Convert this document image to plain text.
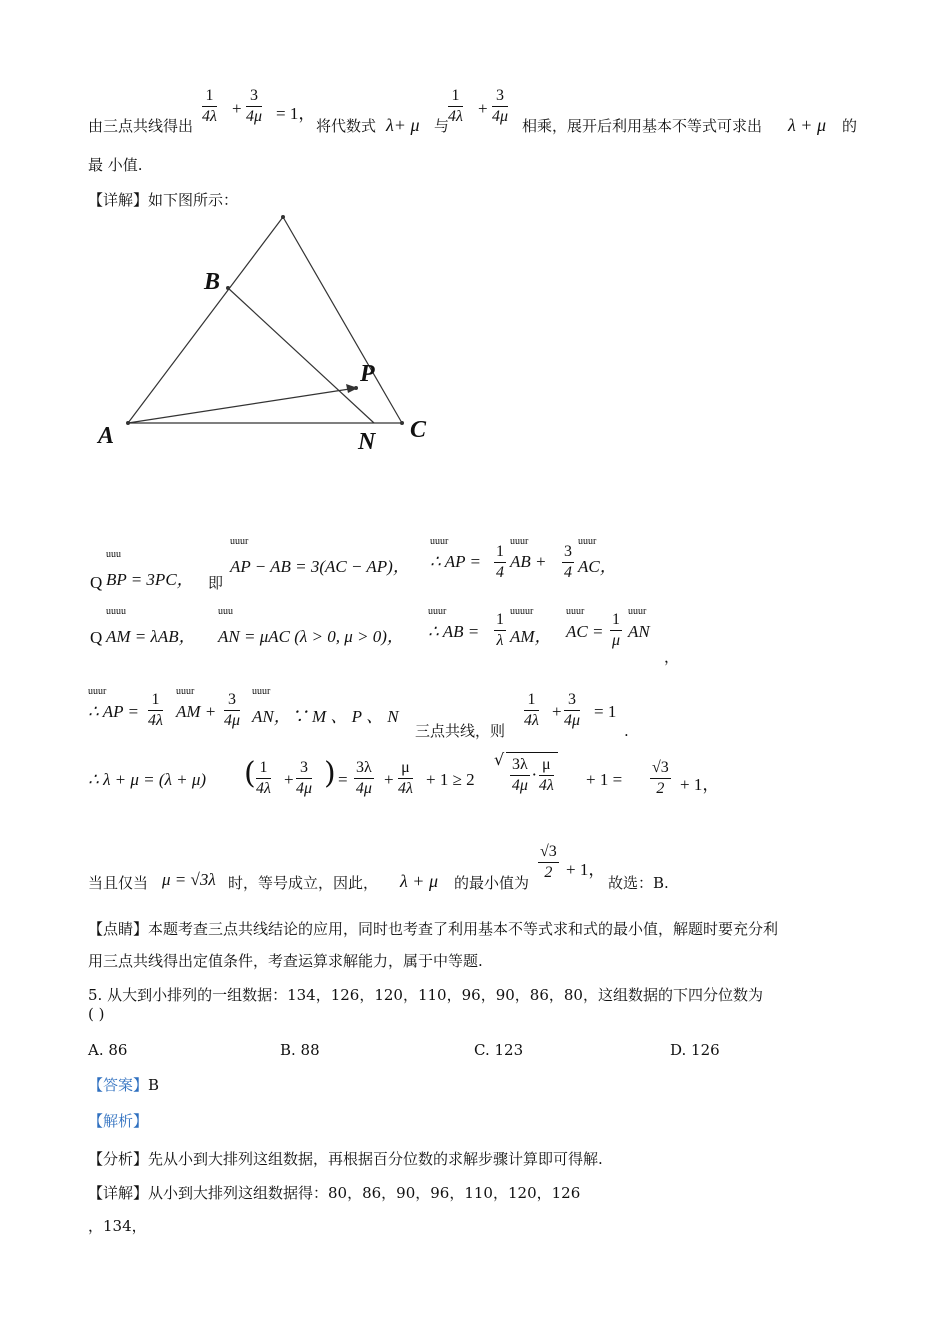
由三点共线得出 $\frac{1}{4\lambda} + \frac{3}{4\mu} = 1$，
将代数式 λ+ μ 与
$\frac{1}{4\lambda} + \frac{3}{4\mu}$ 相乘，展开后利用基本不等式可求出 λ + μ 的
最 小值.
【详解】如下图所示：
B
P
A	N C
Q uuu BP = 3PC， 即
uuur AP − AB = 3(AC − AP)， uuur ∴ AP = $\frac{1}{4}$ uuur AB + $\frac{3}{4}$ uuur AC，
Q uuuu AM = λAB， uuu AN = μAC (λ > 0, μ > 0)， uuur ∴ AB = $\frac{1}{\lambda}$ uuuur AM， uuur AC = $\frac{1}{\mu}$ uuur AN
，
uuur ∴ AP = $\frac{1}{4\lambda}$ uuur AM + $\frac{3}{4\mu}$ uuur AN，∵ M 、 P 、 N
三点共线，则 $\frac{1}{4\lambda} + \frac{3}{4\mu} = 1$
.
∴ λ + μ = (λ + μ) ( $\frac{1}{4\lambda} + \frac{3}{4\mu}$ ) = $\frac{3\lambda}{4\mu} + \frac{\mu}{4\lambda} + 1 \ge 2$ √ $\frac{3\lambda}{4\mu} \cdot \frac{\mu}{4\lambda} + 1 = \frac{√3}{2} + 1$，
当且仅当 μ = √3λ 时，等号成立，因此， λ + μ 的最小值为 $\frac{√3}{2} + 1$，
故选：B.
【点睛】本题考查三点共线结论的应用，同时也考查了利用基本不等式求和式的最小值，解题时要充分利
用三点共线得出定值条件，考查运算求解能力，属于中等题.
5. 从大到小排列的一组数据：134，126，120，110，96，90，86，80，这组数据的下四分位数为
( )
A. 86	B. 88	C. 123	D. 126
【答案】B
【解析】
【分析】先从小到大排列这组数据，再根据百分位数的求解步骤计算即可得解.
【详解】从小到大排列这组数据得：80，86，90，96，110，120，126
，134，
